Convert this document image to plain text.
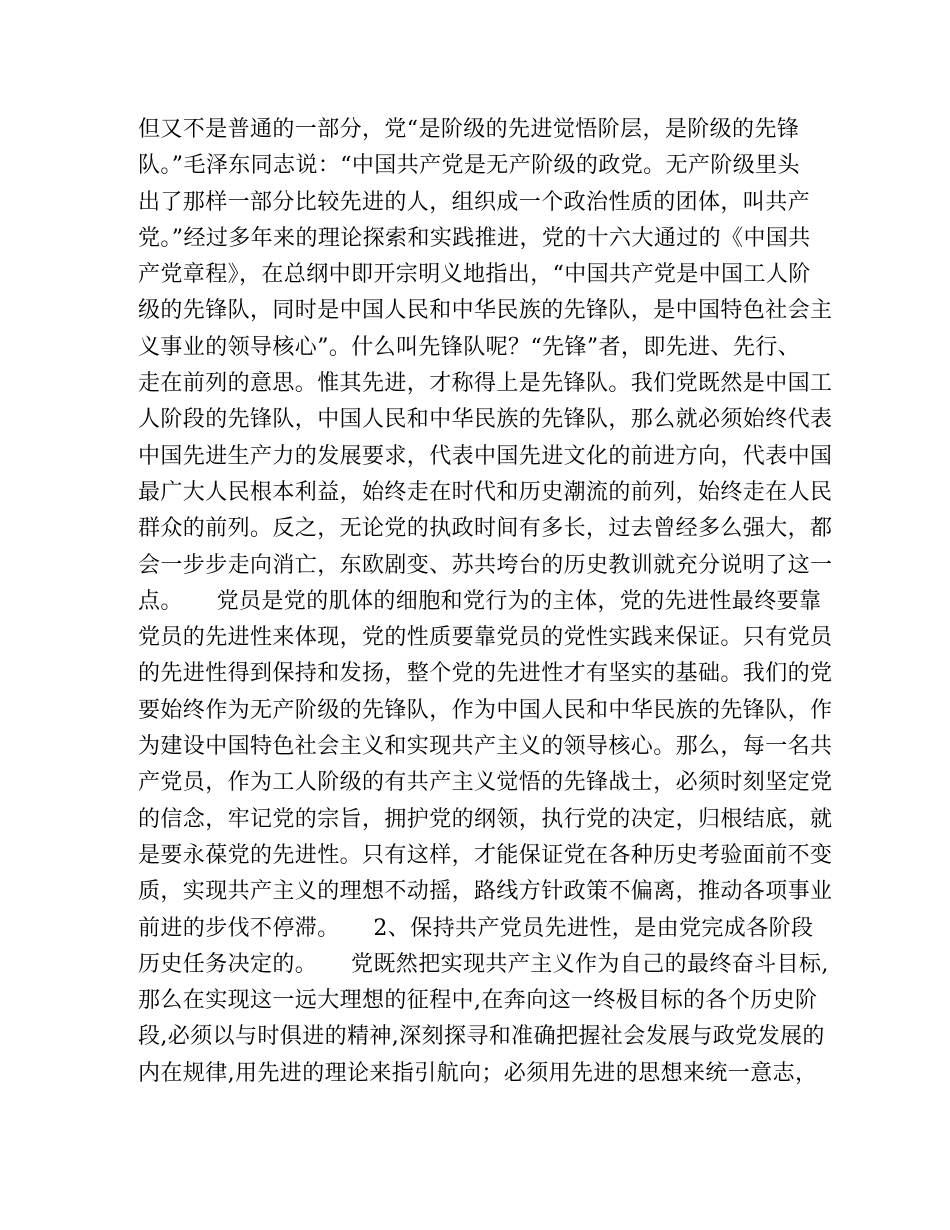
但又不是普通的一部分，党“是阶级的先进觉悟阶层，是阶级的先锋
队。”毛泽东同志说：“中国共产党是无产阶级的政党。无产阶级里头
出了那样一部分比较先进的人，组织成一个政治性质的团体，叫共产
党。”经过多年来的理论探索和实践推进，党的十六大通过的《中国共
产党章程》，在总纲中即开宗明义地指出，“中国共产党是中国工人阶
级的先锋队，同时是中国人民和中华民族的先锋队，是中国特色社会主
义事业的领导核心”。什么叫先锋队呢？“先锋”者，即先进、先行、
走在前列的意思。惟其先进，才称得上是先锋队。我们党既然是中国工
人阶段的先锋队，中国人民和中华民族的先锋队，那么就必须始终代表
中国先进生产力的发展要求，代表中国先进文化的前进方向，代表中国
最广大人民根本利益，始终走在时代和历史潮流的前列，始终走在人民
群众的前列。反之，无论党的执政时间有多长，过去曾经多么强大，都
会一步步走向消亡，东欧剧变、苏共垮台的历史教训就充分说明了这一
点。　　党员是党的肌体的细胞和党行为的主体，党的先进性最终要靠
党员的先进性来体现，党的性质要靠党员的党性实践来保证。只有党员
的先进性得到保持和发扬，整个党的先进性才有坚实的基础。我们的党
要始终作为无产阶级的先锋队，作为中国人民和中华民族的先锋队，作
为建设中国特色社会主义和实现共产主义的领导核心。那么，每一名共
产党员，作为工人阶级的有共产主义觉悟的先锋战士，必须时刻坚定党
的信念，牢记党的宗旨，拥护党的纲领，执行党的决定，归根结底，就
是要永葆党的先进性。只有这样，才能保证党在各种历史考验面前不变
质，实现共产主义的理想不动摇，路线方针政策不偏离，推动各项事业
前进的步伐不停滞。　　2、保持共产党员先进性，是由党完成各阶段
历史任务决定的。　　党既然把实现共产主义作为自己的最终奋斗目标,
那么在实现这一远大理想的征程中,在奔向这一终极目标的各个历史阶
段,必须以与时俱进的精神,深刻探寻和准确把握社会发展与政党发展的
内在规律,用先进的理论来指引航向；必须用先进的思想来统一意志，
